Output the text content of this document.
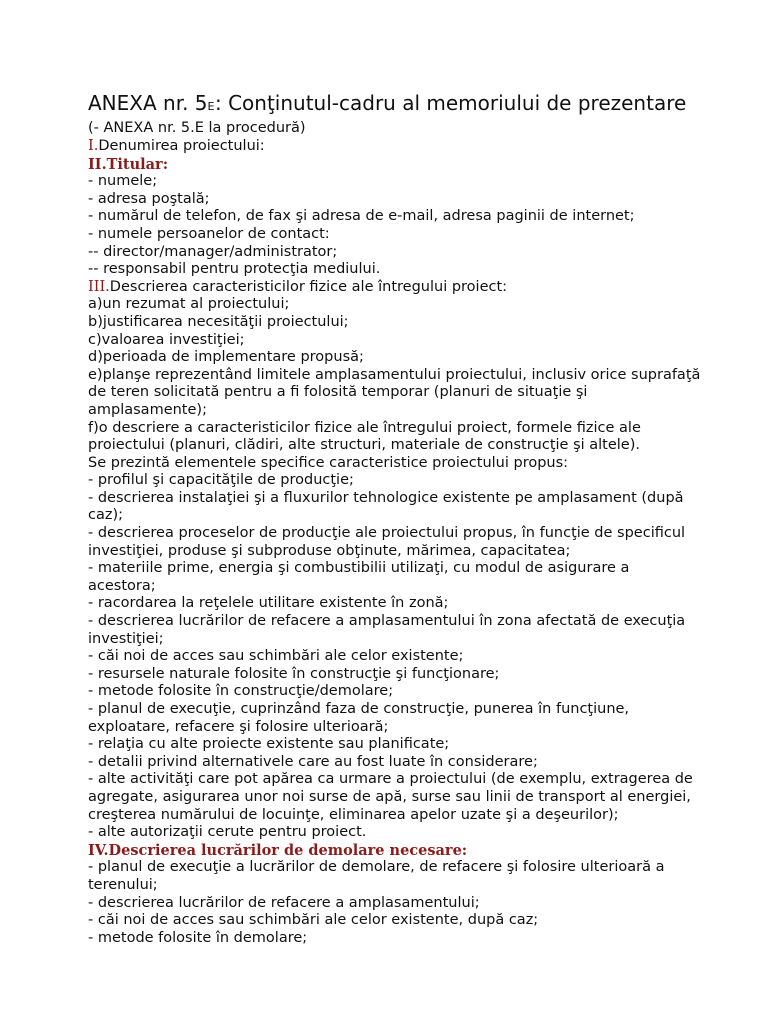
ANEXA nr. 5E: Conţinutul-cadru al memoriului de prezentare
(- ANEXA nr. 5.E la procedură)
I.Denumirea proiectului:
II.Titular:
- numele;
- adresa poştală;
- numărul de telefon, de fax şi adresa de e-mail, adresa paginii de internet;
- numele persoanelor de contact:
-- director/manager/administrator;
-- responsabil pentru protecţia mediului.
III.Descrierea caracteristicilor fizice ale întregului proiect:
a)un rezumat al proiectului;
b)justificarea necesităţii proiectului;
c)valoarea investiţiei;
d)perioada de implementare propusă;
e)planşe reprezentând limitele amplasamentului proiectului, inclusiv orice suprafaţă
de teren solicitată pentru a fi folosită temporar (planuri de situaţie şi
amplasamente);
f)o descriere a caracteristicilor fizice ale întregului proiect, formele fizice ale
proiectului (planuri, clădiri, alte structuri, materiale de construcţie şi altele).
Se prezintă elementele specifice caracteristice proiectului propus:
- profilul şi capacităţile de producţie;
- descrierea instalaţiei şi a fluxurilor tehnologice existente pe amplasament (după
caz);
- descrierea proceselor de producţie ale proiectului propus, în funcţie de specificul
investiţiei, produse şi subproduse obţinute, mărimea, capacitatea;
- materiile prime, energia şi combustibilii utilizaţi, cu modul de asigurare a
acestora;
- racordarea la reţelele utilitare existente în zonă;
- descrierea lucrărilor de refacere a amplasamentului în zona afectată de execuţia
investiţiei;
- căi noi de acces sau schimbări ale celor existente;
- resursele naturale folosite în construcţie şi funcţionare;
- metode folosite în construcţie/demolare;
- planul de execuţie, cuprinzând faza de construcţie, punerea în funcţiune,
exploatare, refacere şi folosire ulterioară;
- relaţia cu alte proiecte existente sau planificate;
- detalii privind alternativele care au fost luate în considerare;
- alte activităţi care pot apărea ca urmare a proiectului (de exemplu, extragerea de
agregate, asigurarea unor noi surse de apă, surse sau linii de transport al energiei,
creşterea numărului de locuinţe, eliminarea apelor uzate şi a deşeurilor);
- alte autorizaţii cerute pentru proiect.
IV.Descrierea lucrărilor de demolare necesare:
- planul de execuţie a lucrărilor de demolare, de refacere şi folosire ulterioară a
terenului;
- descrierea lucrărilor de refacere a amplasamentului;
- căi noi de acces sau schimbări ale celor existente, după caz;
- metode folosite în demolare;
